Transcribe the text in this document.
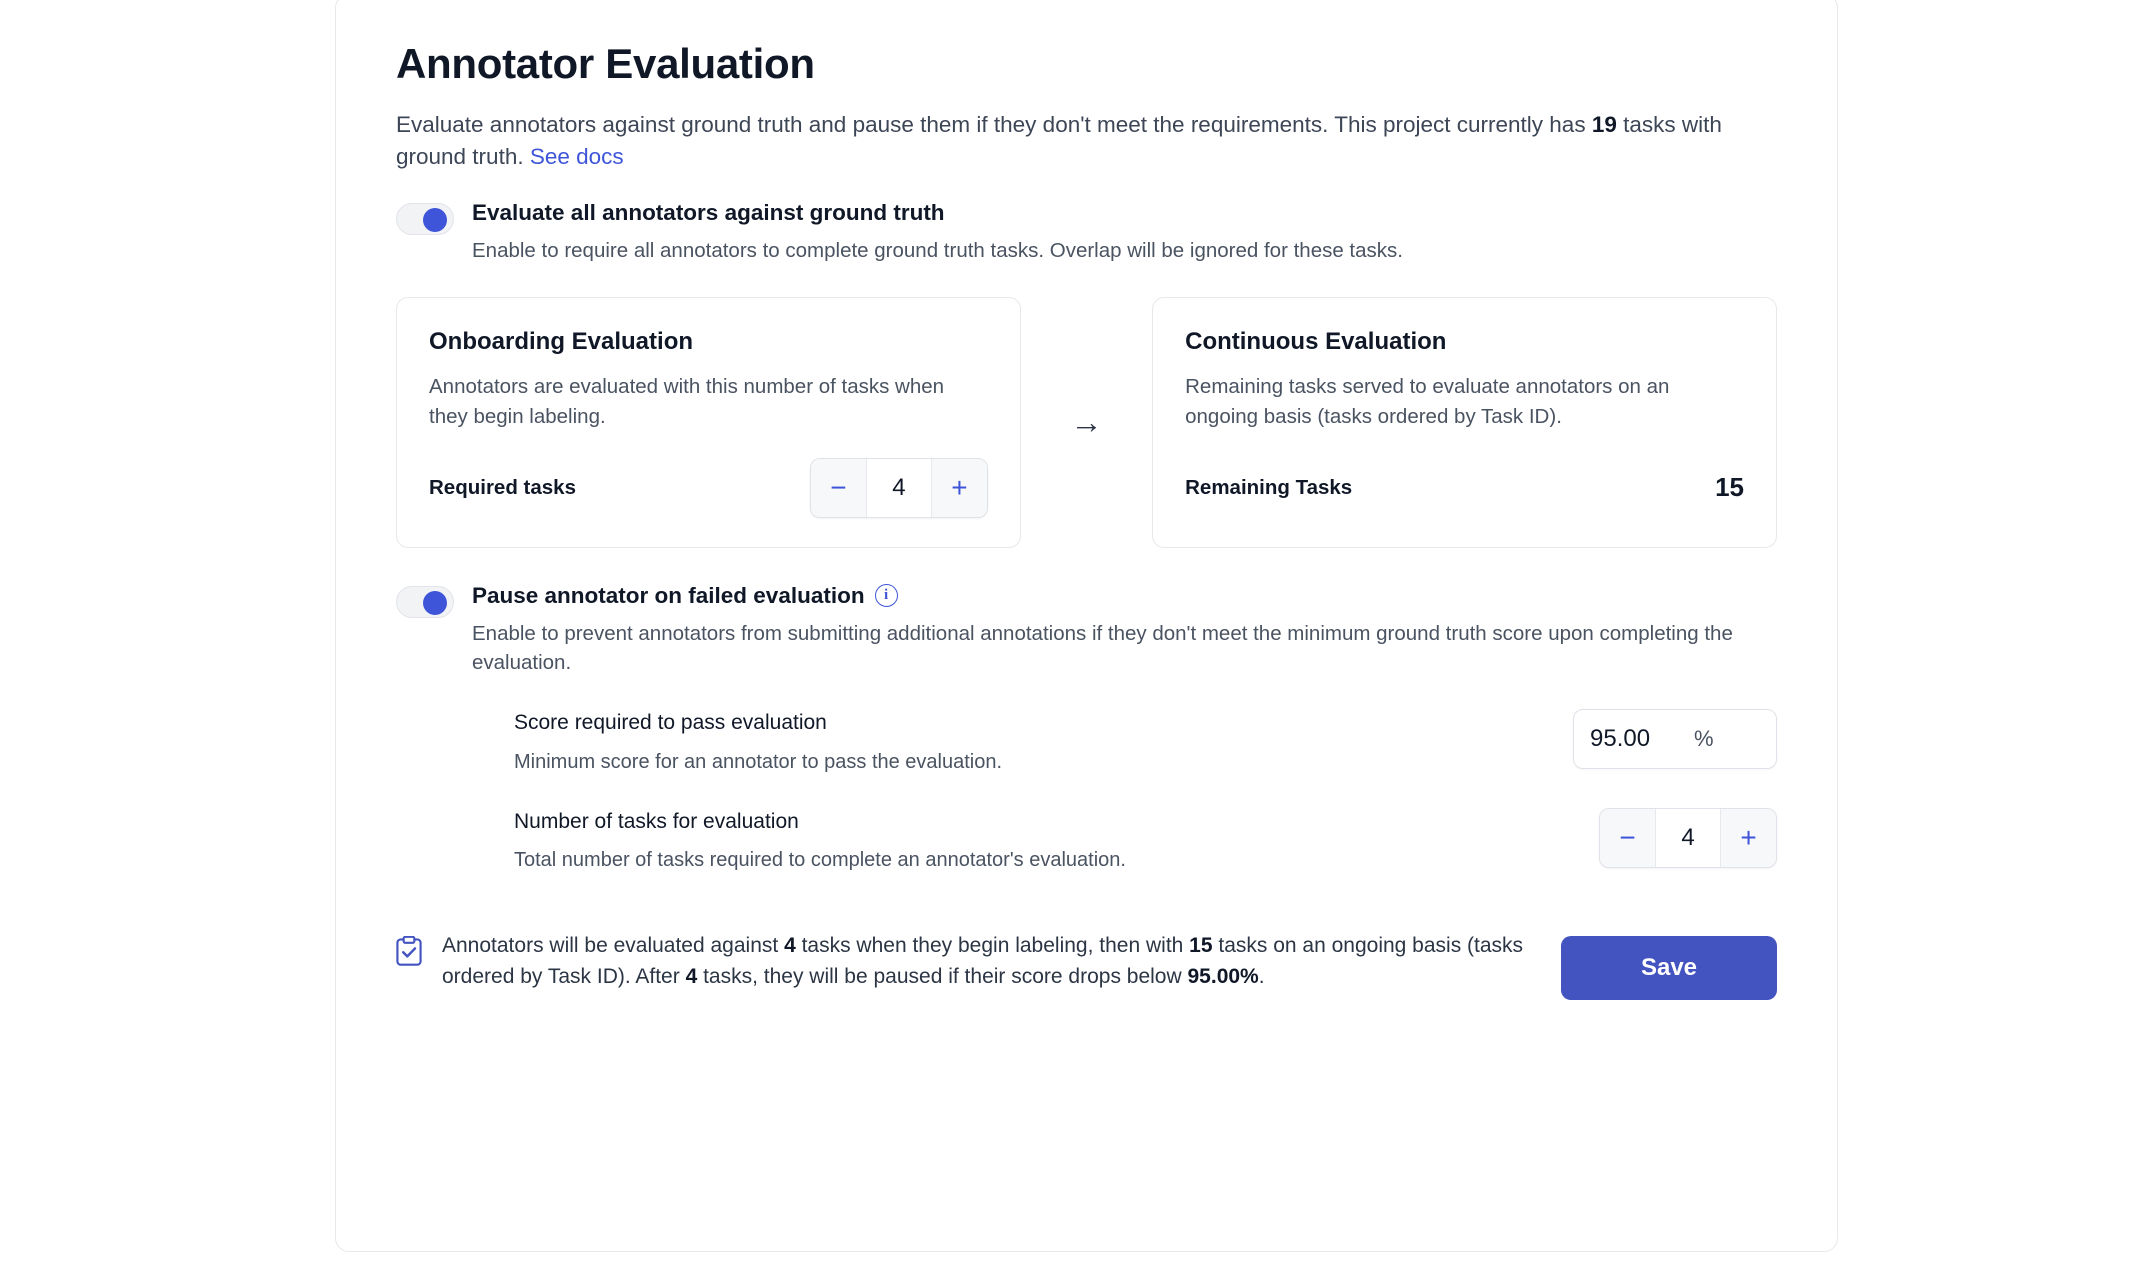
Annotator Evaluation

Evaluate annotators against ground truth and pause them if they don't meet the requirements. This project currently has 19 tasks with ground truth. See docs

Evaluate all annotators against ground truth
Enable to require all annotators to complete ground truth tasks. Overlap will be ignored for these tasks.
Onboarding Evaluation
Annotators are evaluated with this number of tasks when they begin labeling.
Required tasks	−	4	+
→
Continuous Evaluation
Remaining tasks served to evaluate annotators on an ongoing basis (tasks ordered by Task ID).
Remaining Tasks	15
Pause annotator on failed evaluation i
Enable to prevent annotators from submitting additional annotations if they don't meet the minimum ground truth score upon completing the evaluation.
Score required to pass evaluation
Minimum score for an annotator to pass the evaluation.
95.00
%
Number of tasks for evaluation
Total number of tasks required to complete an annotator's evaluation.
−	4	+
Annotators will be evaluated against 4 tasks when they begin labeling, then with 15 tasks on an ongoing basis (tasks ordered by Task ID). After 4 tasks, they will be paused if their score drops below 95.00%.	Save
